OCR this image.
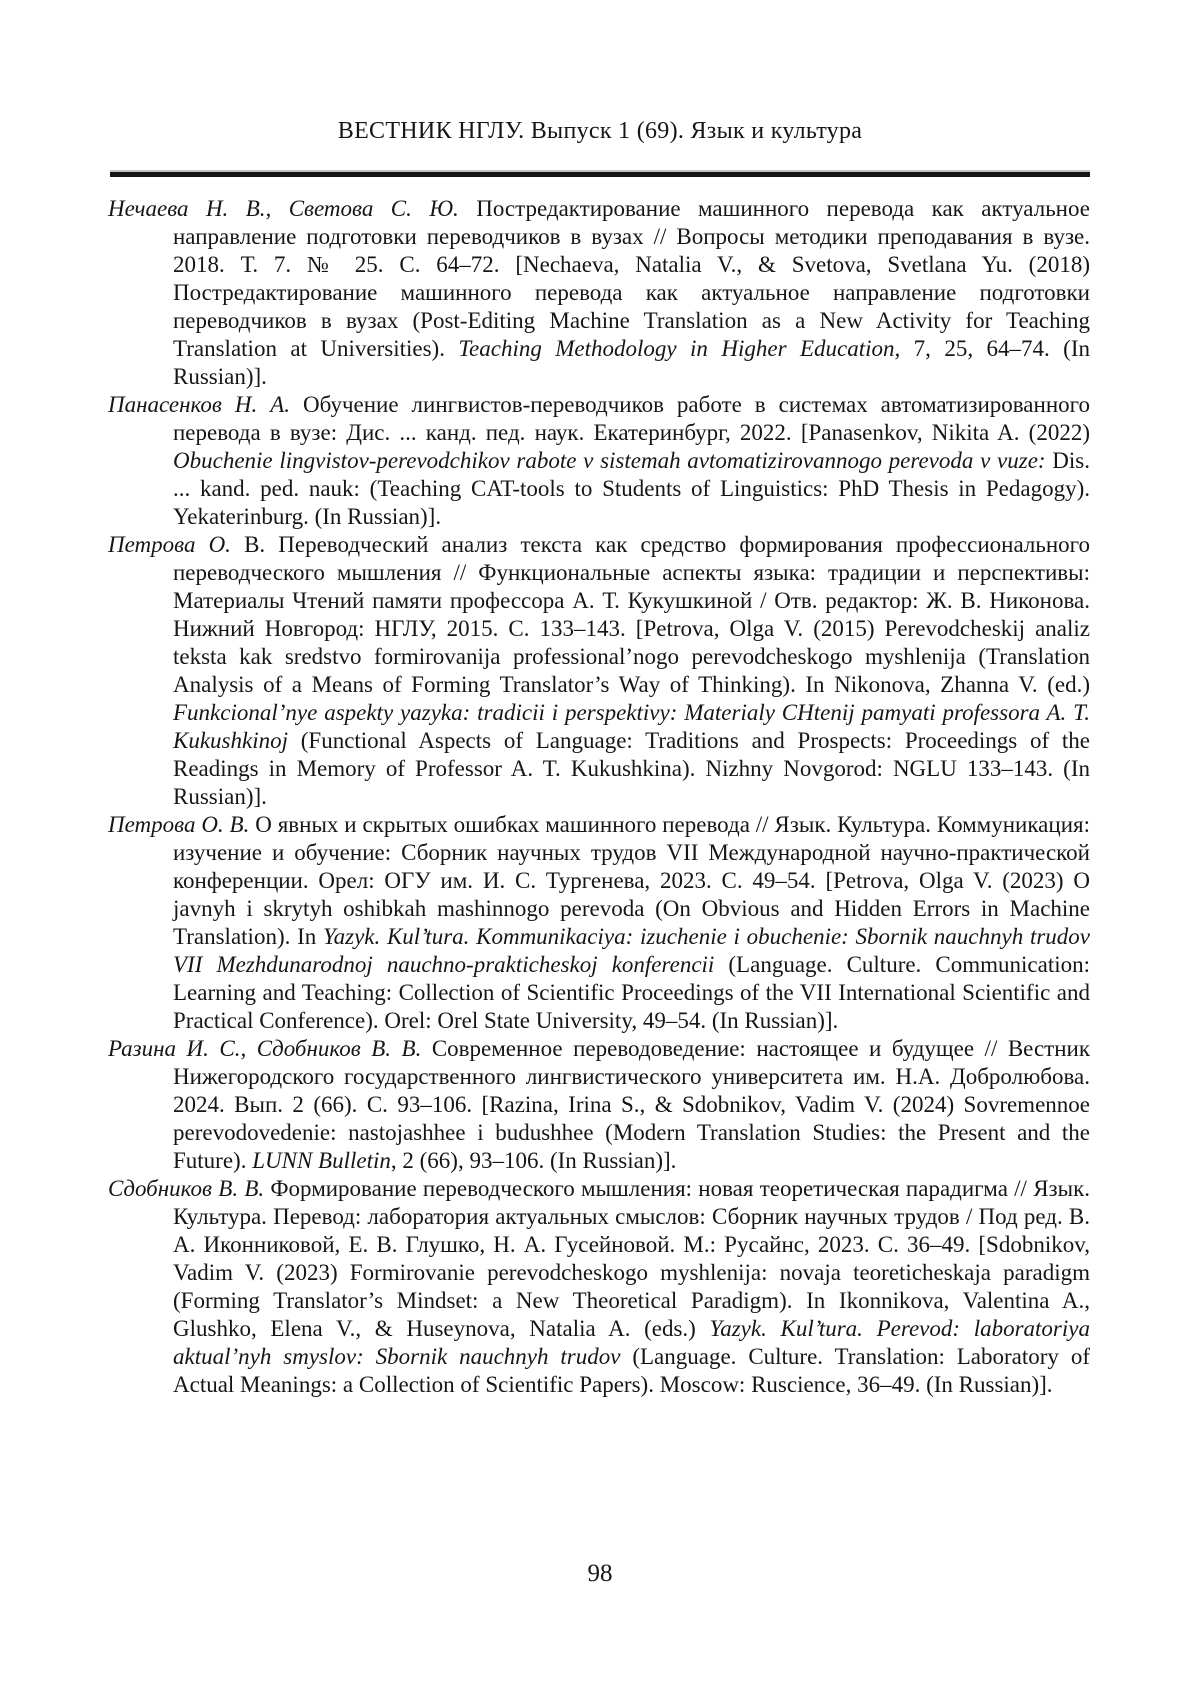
ВЕСТНИК НГЛУ. Выпуск 1 (69). Язык и культура

Нечаева Н. В., Светова С. Ю. Постредактирование машинного перевода как актуальное направление подготовки переводчиков в вузах // Вопросы методики преподавания в вузе. 2018. Т. 7. № 25. С. 64–72. [Nechaeva, Natalia V., & Svetova, Svetlana Yu. (2018) Постредактирование машинного перевода как актуальное направление подготовки переводчиков в вузах (Post-Editing Machine Translation as a New Activity for Teaching Translation at Universities). Teaching Methodology in Higher Education, 7, 25, 64–74. (In Russian)].

Панасенков Н. А. Обучение лингвистов-переводчиков работе в системах автоматизированного перевода в вузе: Дис. ... канд. пед. наук. Екатеринбург, 2022. [Panasenkov, Nikita A. (2022) Obuchenie lingvistov-perevodchikov rabote v sistemah avtomatizirovannogo perevoda v vuze: Dis. ... kand. ped. nauk: (Teaching CAT-tools to Students of Linguistics: PhD Thesis in Pedagogy). Yekaterinburg. (In Russian)].

Петрова О. В. Переводческий анализ текста как средство формирования профессионального переводческого мышления // Функциональные аспекты языка: традиции и перспективы: Материалы Чтений памяти профессора А. Т. Кукушкиной / Отв. редактор: Ж. В. Никонова. Нижний Новгород: НГЛУ, 2015. С. 133–143. [Petrova, Olga V. (2015) Perevodcheskij analiz teksta kak sredstvo formirovanija professional’nogo perevodcheskogo myshlenija (Translation Analysis of a Means of Forming Translator’s Way of Thinking). In Nikonova, Zhanna V. (ed.) Funkcional’nye aspekty yazyka: tradicii i perspektivy: Materialy CHtenij pamyati professora A. T. Kukushkinoj (Functional Aspects of Language: Traditions and Prospects: Proceedings of the Readings in Memory of Professor A. T. Kukushkina). Nizhny Novgorod: NGLU 133–143. (In Russian)].

Петрова О. В. О явных и скрытых ошибках машинного перевода // Язык. Культура. Коммуникация: изучение и обучение: Сборник научных трудов VII Международной научно-практической конференции. Орел: ОГУ им. И. С. Тургенева, 2023. С. 49–54. [Petrova, Olga V. (2023) O javnyh i skrytyh oshibkah mashinnogo perevoda (On Obvious and Hidden Errors in Machine Translation). In Yazyk. Kul’tura. Kommunikaciya: izuchenie i obuchenie: Sbornik nauchnyh trudov VII Mezhdunarodnoj nauchno-prakticheskoj konferencii (Language. Culture. Communication: Learning and Teaching: Collection of Scientific Proceedings of the VII International Scientific and Practical Conference). Orel: Orel State University, 49–54. (In Russian)].

Разина И. С., Сдобников В. В. Современное переводоведение: настоящее и будущее // Вестник Нижегородского государственного лингвистического университета им. Н.А. Добролюбова. 2024. Вып. 2 (66). С. 93–106. [Razina, Irina S., & Sdobnikov, Vadim V. (2024) Sovremennoe perevodovedenie: nastojashhee i budushhee (Modern Translation Studies: the Present and the Future). LUNN Bulletin, 2 (66), 93–106. (In Russian)].

Сдобников В. В. Формирование переводческого мышления: новая теоретическая парадигма // Язык. Культура. Перевод: лаборатория актуальных смыслов: Сборник научных трудов / Под ред. В. А. Иконниковой, Е. В. Глушко, Н. А. Гусейновой. М.: Русайнс, 2023. С. 36–49. [Sdobnikov, Vadim V. (2023) Formirovanie perevodcheskogo myshlenija: novaja teoreticheskaja paradigm (Forming Translator’s Mindset: a New Theoretical Paradigm). In Ikonnikova, Valentina A., Glushko, Elena V., & Huseynova, Natalia A. (eds.) Yazyk. Kul’tura. Perevod: laboratoriya aktual’nyh smyslov: Sbornik nauchnyh trudov (Language. Culture. Translation: Laboratory of Actual Meanings: a Collection of Scientific Papers). Moscow: Ruscience, 36–49. (In Russian)].

98
